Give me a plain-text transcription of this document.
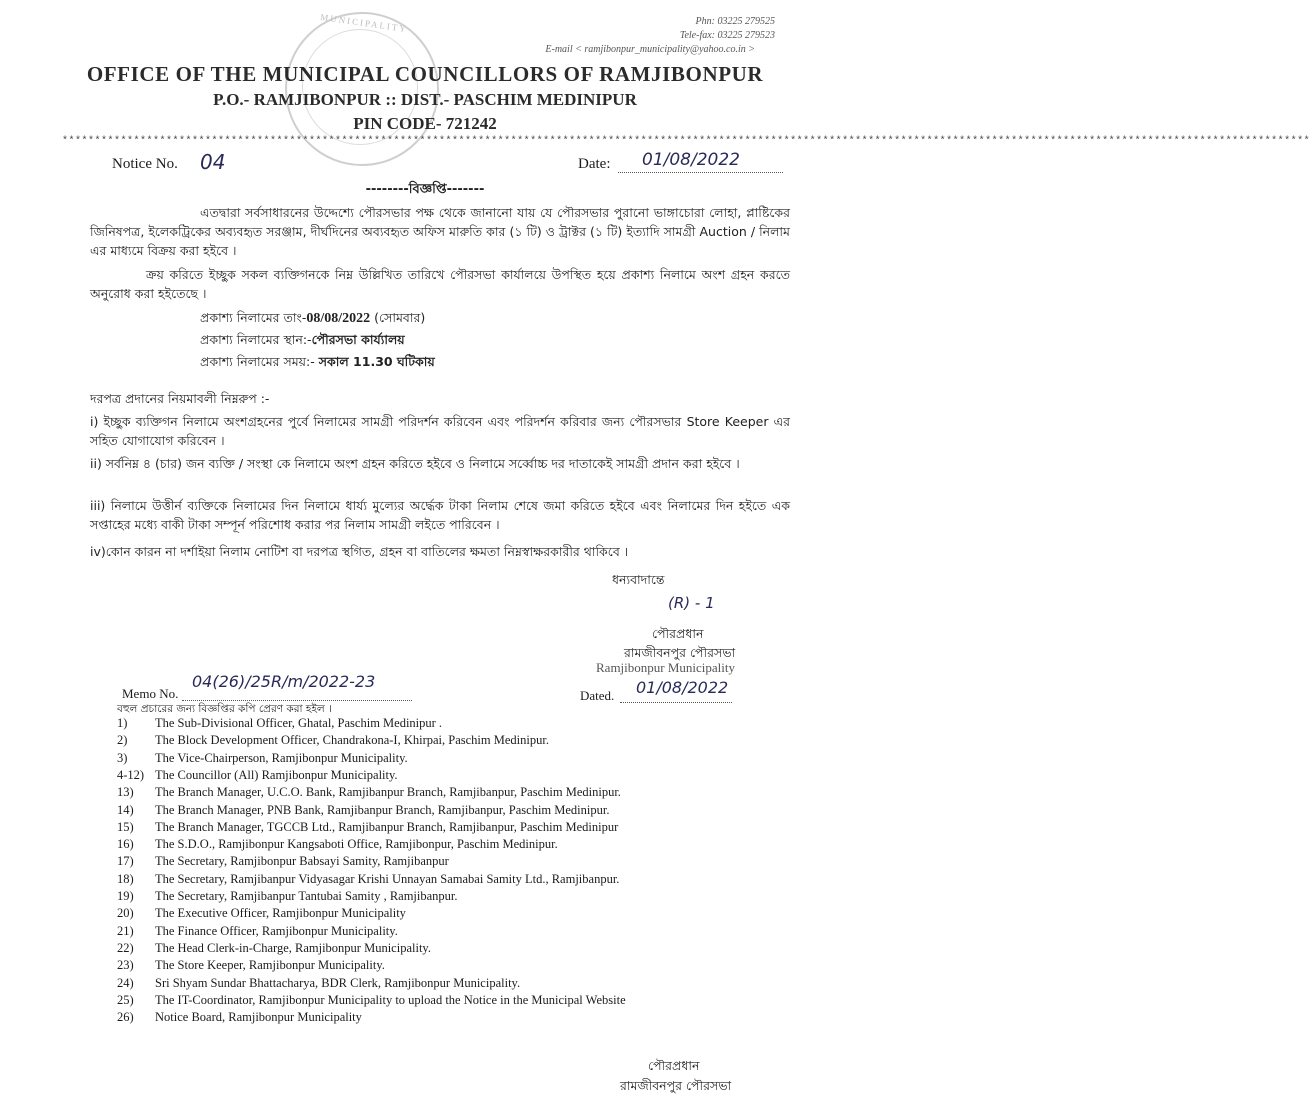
MUNICIPALITY	Phn: 03225 279525
Tele-fax: 03225 279523
E-mail < ramjibonpur_municipality@yahoo.co.in >
OFFICE OF THE MUNICIPAL COUNCILLORS OF RAMJIBONPUR
P.O.- RAMJIBONPUR :: DIST.- PASCHIM MEDINIPUR
PIN CODE- 721242
************************************************************************************************************************************************************************************************
Notice No. 04	Date: 01/08/2022
--------বিজ্ঞপ্তি-------
এতদ্বারা সর্বসাধারনের উদ্দেশ্যে পৌরসভার পক্ষ থেকে জানানো যায় যে পৌরসভার পুরানো ভাঙ্গাচোরা লোহা, প্লাষ্টিকের জিনিষপত্র, ইলেকট্রিকের অব্যবহৃত সরঞ্জাম, দীর্ঘদিনের অব্যবহৃত অফিস মারুতি কার (১ টি) ও ট্রাক্টর (১ টি) ইত্যাদি সামগ্রী Auction / নিলাম এর মাধ্যমে বিক্রয় করা হইবে ।
ক্রয় করিতে ইচ্ছুক সকল ব্যক্তিগনকে নিম্ন উল্লিখিত তারিখে পৌরসভা কার্যালয়ে উপস্থিত হয়ে প্রকাশ্য নিলামে অংশ গ্রহন করতে অনুরোধ করা হইতেছে ।
প্রকাশ্য নিলামের তাং-08/08/2022 (সোমবার)
প্রকাশ্য নিলামের স্থান:-পৌরসভা কার্য্যালয়
প্রকাশ্য নিলামের সময়:- সকাল 11.30 ঘটিকায়
দরপত্র প্রদানের নিয়মাবলী নিম্নরুপ :-
i) ইচ্ছুক ব্যক্তিগন নিলামে অংশগ্রহনের পুর্বে নিলামের সামগ্রী পরিদর্শন করিবেন এবং পরিদর্শন করিবার জন্য পৌরসভার Store Keeper এর সহিত যোগাযোগ করিবেন ।
ii) সর্বনিম্ন ৪ (চার) জন ব্যক্তি / সংস্থা কে নিলামে অংশ গ্রহন করিতে হইবে ও নিলামে সর্ব্বোচ্চ দর দাতাকেই সামগ্রী প্রদান করা হইবে ।
iii) নিলামে উত্তীর্ন ব্যক্তিকে নিলামের দিন নিলামে ধার্য্য মুল্যের অর্দ্ধেক টাকা নিলাম শেষে জমা করিতে হইবে এবং নিলামের দিন হইতে এক সপ্তাহের মধ্যে বাকী টাকা সম্পূর্ন পরিশোধ করার পর নিলাম সামগ্রী লইতে পারিবেন ।
iv)কোন কারন না দর্শাইয়া নিলাম নোটিশ বা দরপত্র স্থগিত, গ্রহন বা বাতিলের ক্ষমতা নিম্নস্বাক্ষরকারীর থাকিবে ।
ধন্যবাদান্তে
(R) - 1
পৌরপ্রধান
রামজীবনপুর পৌরসভা
Ramjibonpur Municipality
Memo No.
04(26)/25R/m/2022-23
Dated. 01/08/2022
বহুল প্রচারের জন্য বিজ্ঞপ্তির কপি প্রেরণ করা হইল ।
1) The Sub-Divisional Officer, Ghatal, Paschim Medinipur .
2) The Block Development Officer, Chandrakona-I, Khirpai, Paschim Medinipur.
3) The Vice-Chairperson, Ramjibonpur Municipality.
4-12) The Councillor (All) Ramjibonpur Municipality.
13) The Branch Manager, U.C.O. Bank, Ramjibanpur Branch, Ramjibanpur, Paschim Medinipur.
14) The Branch Manager, PNB Bank, Ramjibanpur Branch, Ramjibanpur, Paschim Medinipur.
15) The Branch Manager, TGCCB Ltd., Ramjibanpur Branch, Ramjibanpur, Paschim Medinipur
16) The S.D.O., Ramjibonpur Kangsaboti Office, Ramjibonpur, Paschim Medinipur.
17) The Secretary, Ramjibonpur Babsayi Samity, Ramjibanpur
18) The Secretary, Ramjibanpur Vidyasagar Krishi Unnayan Samabai Samity Ltd., Ramjibanpur.
19) The Secretary, Ramjibanpur Tantubai Samity , Ramjibanpur.
20) The Executive Officer, Ramjibonpur Municipality
21) The Finance Officer, Ramjibonpur Municipality.
22) The Head Clerk-in-Charge, Ramjibonpur Municipality.
23) The Store Keeper, Ramjibonpur Municipality.
24) Sri Shyam Sundar Bhattacharya, BDR Clerk, Ramjibonpur Municipality.
25) The IT-Coordinator, Ramjibonpur Municipality to upload the Notice in the Municipal Website
26) Notice Board, Ramjibonpur Municipality
পৌরপ্রধান
রামজীবনপুর পৌরসভা
